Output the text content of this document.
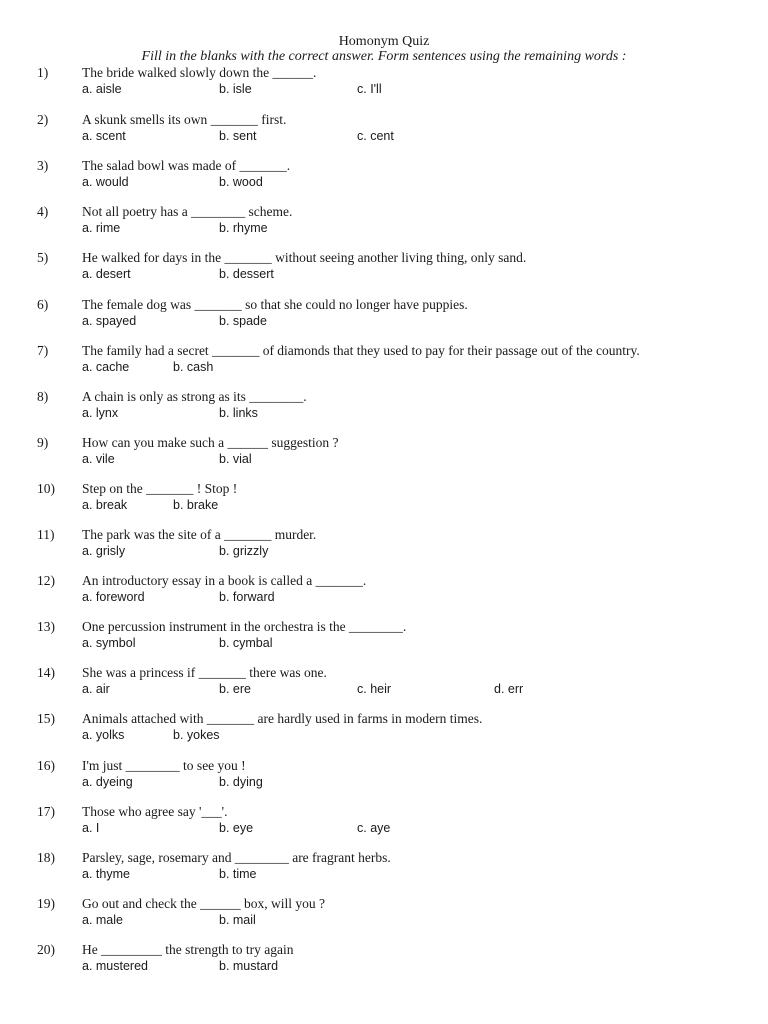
Homonym Quiz
Fill in the blanks with the correct answer. Form sentences using the remaining words :
1)	The bride walked slowly down the ______.
a. aisle	b. isle	c. I'll
2)	A skunk smells its own _______ first.
a. scent	b. sent	c. cent
3)	The salad bowl was made of _______.
a. would	b. wood
4)	Not all poetry has a ________ scheme.
a. rime	b. rhyme
5)	He walked for days in the _______ without seeing another living thing, only sand.
a. desert	b. dessert
6)	The female dog was _______ so that she could no longer have puppies.
a. spayed	b. spade
7)	The family had a secret _______ of diamonds that they used to pay for their passage out of the country.
a. cache	b. cash
8)	A chain is only as strong as its ________.
a. lynx	b. links
9)	How can you make such a ______ suggestion ?
a. vile	b. vial
10) Step on the _______ ! Stop !
a. break	b. brake
11) The park was the site of a _______ murder.
a. grisly	b. grizzly
12) An introductory essay in a book is called a _______.
a. foreword	b. forward
13) One percussion instrument in the orchestra is the ________.
a. symbol	b. cymbal
14) She was a princess if _______ there was one.
a. air	b. ere	c. heir	d. err
15) Animals attached with _______ are hardly used in farms in modern times.
a. yolks	b. yokes
16) I'm just ________ to see you !
a. dyeing	b. dying
17) Those who agree say '___'.
a. I	b. eye	c. aye
18) Parsley, sage, rosemary and ________ are fragrant herbs.
a. thyme	b. time
19) Go out and check the ______ box, will you ?
a. male	b. mail
20) He _________ the strength to try again
a. mustered	b. mustard
